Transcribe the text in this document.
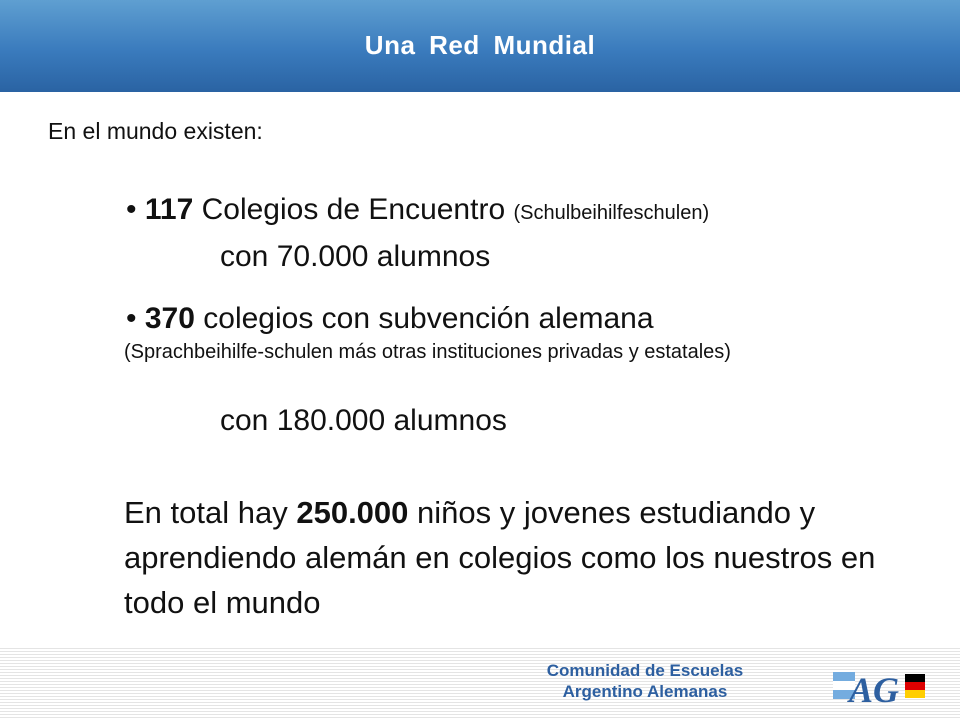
Una Red Mundial
En el mundo existen:
• 117 Colegios de Encuentro (Schulbeihilfeschulen)
con 70.000 alumnos
• 370 colegios con subvención alemana
(Sprachbeihilfe-schulen más otras instituciones privadas y estatales)
con 180.000 alumnos
En total hay 250.000 niños y jovenes estudiando y aprendiendo alemán en colegios como los nuestros en todo el mundo
Comunidad de Escuelas
Argentino Alemanas	AG
